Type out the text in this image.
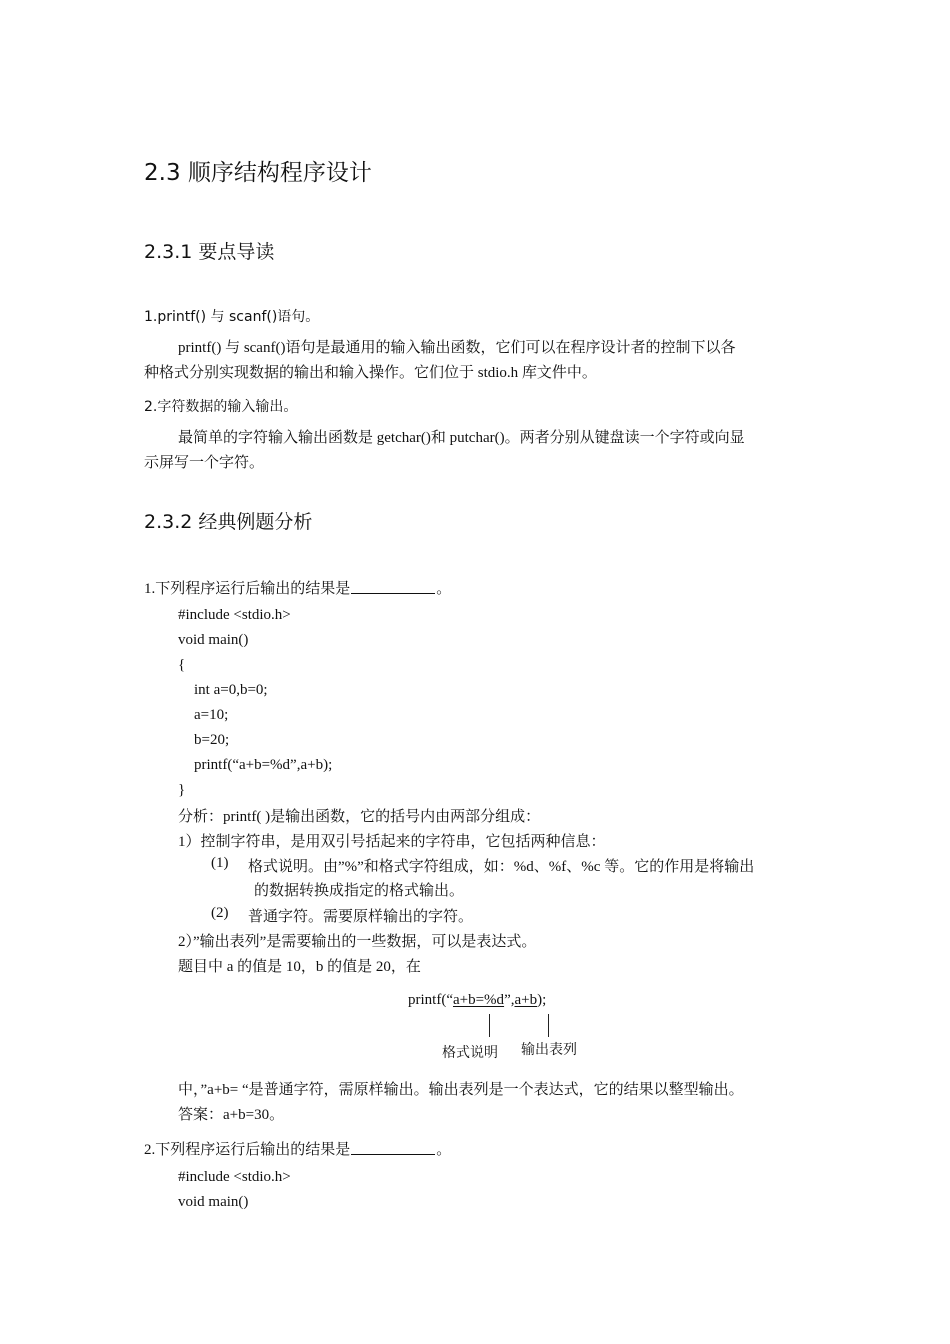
2.3 顺序结构程序设计
2.3.1 要点导读
1.printf() 与 scanf()语句。
printf() 与 scanf()语句是最通用的输入输出函数，它们可以在程序设计者的控制下以各
种格式分别实现数据的输出和输入操作。它们位于 stdio.h 库文件中。
2.字符数据的输入输出。
最简单的字符输入输出函数是 getchar()和 putchar()。两者分别从键盘读一个字符或向显
示屏写一个字符。
2.3.2 经典例题分析
1.下列程序运行后输出的结果是	。
#include <stdio.h>
void main()
{
int a=0,b=0;
a=10;
b=20;
printf(“a+b=%d”,a+b);
}
分析：printf( )是输出函数，它的括号内由两部分组成：
1）控制字符串，是用双引号括起来的字符串，它包括两种信息：
(1) 格式说明。由”%”和格式字符组成，如：%d、%f、%c 等。它的作用是将输出
的数据转换成指定的格式输出。
(2) 普通字符。需要原样输出的字符。
2）”输出表列”是需要输出的一些数据，可以是表达式。
题目中 a 的值是 10，b 的值是 20，在
printf(“a+b=%d”,a+b);
格式说明 输出表列
中，”a+b= “是普通字符，需原样输出。输出表列是一个表达式，它的结果以整型输出。
答案：a+b=30。
2.下列程序运行后输出的结果是	。
#include <stdio.h>
void main()
